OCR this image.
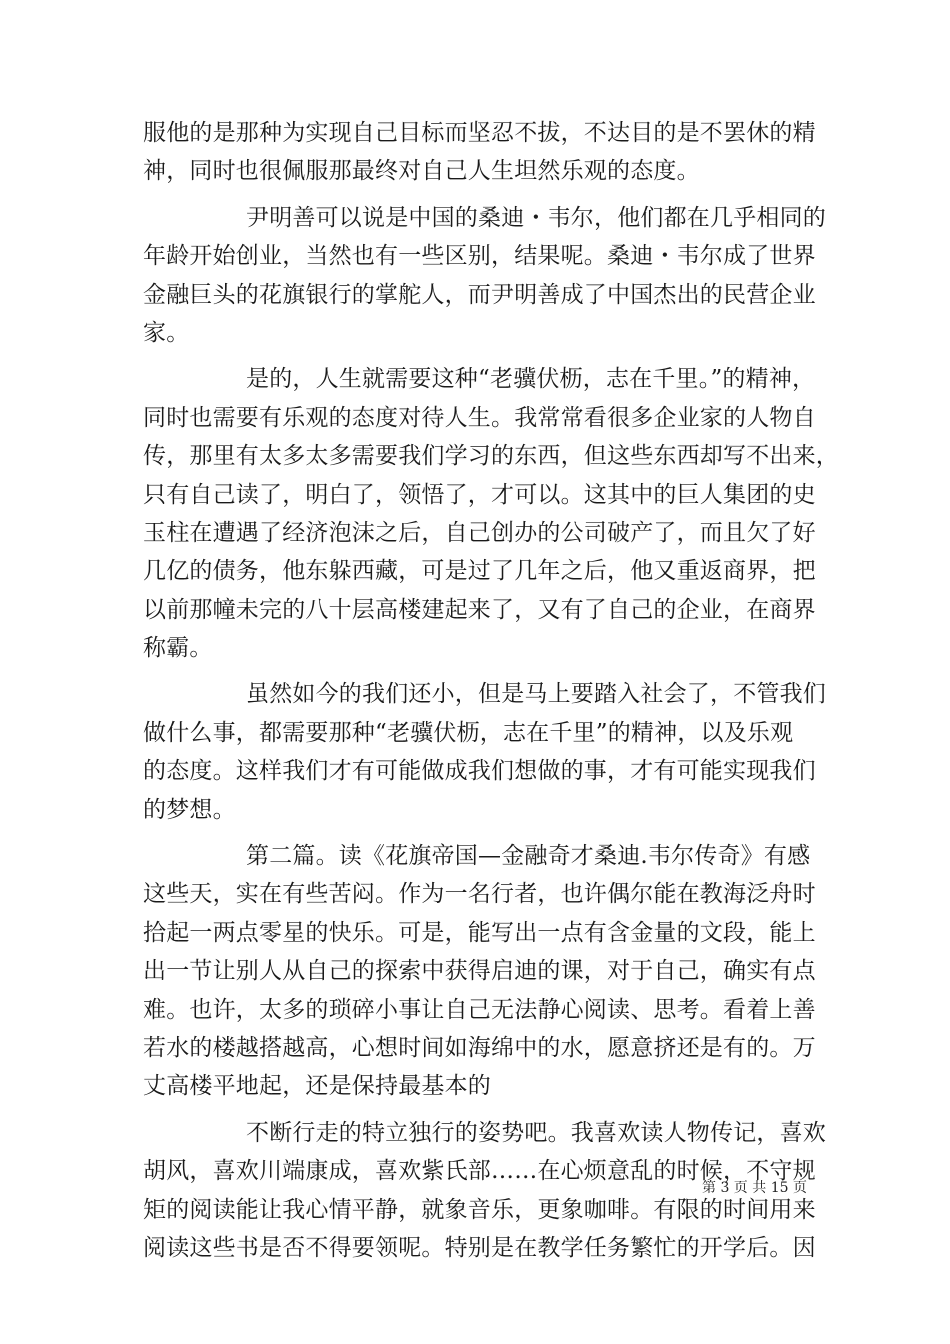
服他的是那种为实现自己目标而坚忍不拔，不达目的是不罢休的精
神，同时也很佩服那最终对自己人生坦然乐观的态度。
尹明善可以说是中国的桑迪・韦尔，他们都在几乎相同的
年龄开始创业，当然也有一些区别，结果呢。桑迪・韦尔成了世界
金融巨头的花旗银行的掌舵人，而尹明善成了中国杰出的民营企业
家。
是的，人生就需要这种“老骥伏枥，志在千里。”的精神，
同时也需要有乐观的态度对待人生。我常常看很多企业家的人物自
传，那里有太多太多需要我们学习的东西，但这些东西却写不出来，
只有自己读了，明白了，领悟了，才可以。这其中的巨人集团的史
玉柱在遭遇了经济泡沫之后，自己创办的公司破产了，而且欠了好
几亿的债务，他东躲西藏，可是过了几年之后，他又重返商界，把
以前那幢未完的八十层高楼建起来了，又有了自己的企业，在商界
称霸。
虽然如今的我们还小，但是马上要踏入社会了，不管我们
做什么事，都需要那种“老骥伏枥，志在千里”的精神，以及乐观
的态度。这样我们才有可能做成我们想做的事，才有可能实现我们
的梦想。
第二篇。读《花旗帝国—金融奇才桑迪.韦尔传奇》有感
这些天，实在有些苦闷。作为一名行者，也许偶尔能在教海泛舟时
拾起一两点零星的快乐。可是，能写出一点有含金量的文段，能上
出一节让别人从自己的探索中获得启迪的课，对于自己，确实有点
难。也许，太多的琐碎小事让自己无法静心阅读、思考。看着上善
若水的楼越搭越高，心想时间如海绵中的水，愿意挤还是有的。万
丈高楼平地起，还是保持最基本的
不断行走的特立独行的姿势吧。我喜欢读人物传记，喜欢
胡风，喜欢川端康成，喜欢紫氏部……在心烦意乱的时候，不守规
矩的阅读能让我心情平静，就象音乐，更象咖啡。有限的时间用来
阅读这些书是否不得要领呢。特别是在教学任务繁忙的开学后。因
第 3 页 共 15 页
